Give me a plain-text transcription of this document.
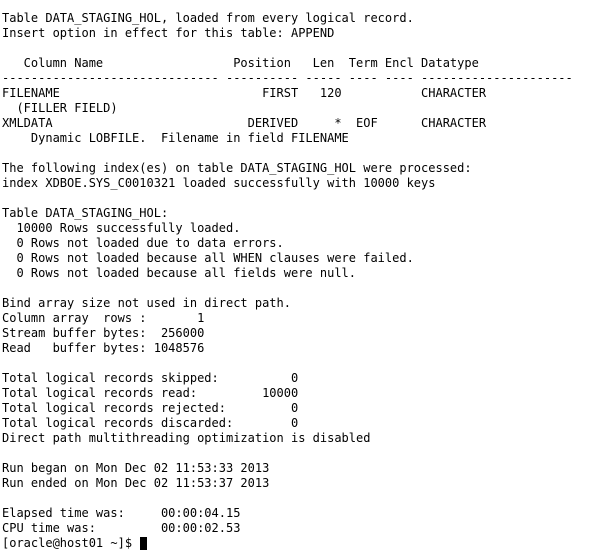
Table DATA_STAGING_HOL, loaded from every logical record.
Insert option in effect for this table: APPEND
Column Name                  Position   Len  Term Encl Datatype
------------------------------ ---------- ----- ---- ---- ---------------------
FILENAME                            FIRST   120           CHARACTER
(FILLER FIELD)
XMLDATA                           DERIVED     *  EOF      CHARACTER
Dynamic LOBFILE.  Filename in field FILENAME
The following index(es) on table DATA_STAGING_HOL were processed:
index XDBOE.SYS_C0010321 loaded successfully with 10000 keys
Table DATA_STAGING_HOL:
10000 Rows successfully loaded.
0 Rows not loaded due to data errors.
0 Rows not loaded because all WHEN clauses were failed.
0 Rows not loaded because all fields were null.
Bind array size not used in direct path.
Column array  rows :       1
Stream buffer bytes:  256000
Read   buffer bytes: 1048576
Total logical records skipped:          0
Total logical records read:         10000
Total logical records rejected:         0
Total logical records discarded:        0
Direct path multithreading optimization is disabled
Run began on Mon Dec 02 11:53:33 2013
Run ended on Mon Dec 02 11:53:37 2013
Elapsed time was:     00:00:04.15
CPU time was:         00:00:02.53
[oracle@host01 ~]$
